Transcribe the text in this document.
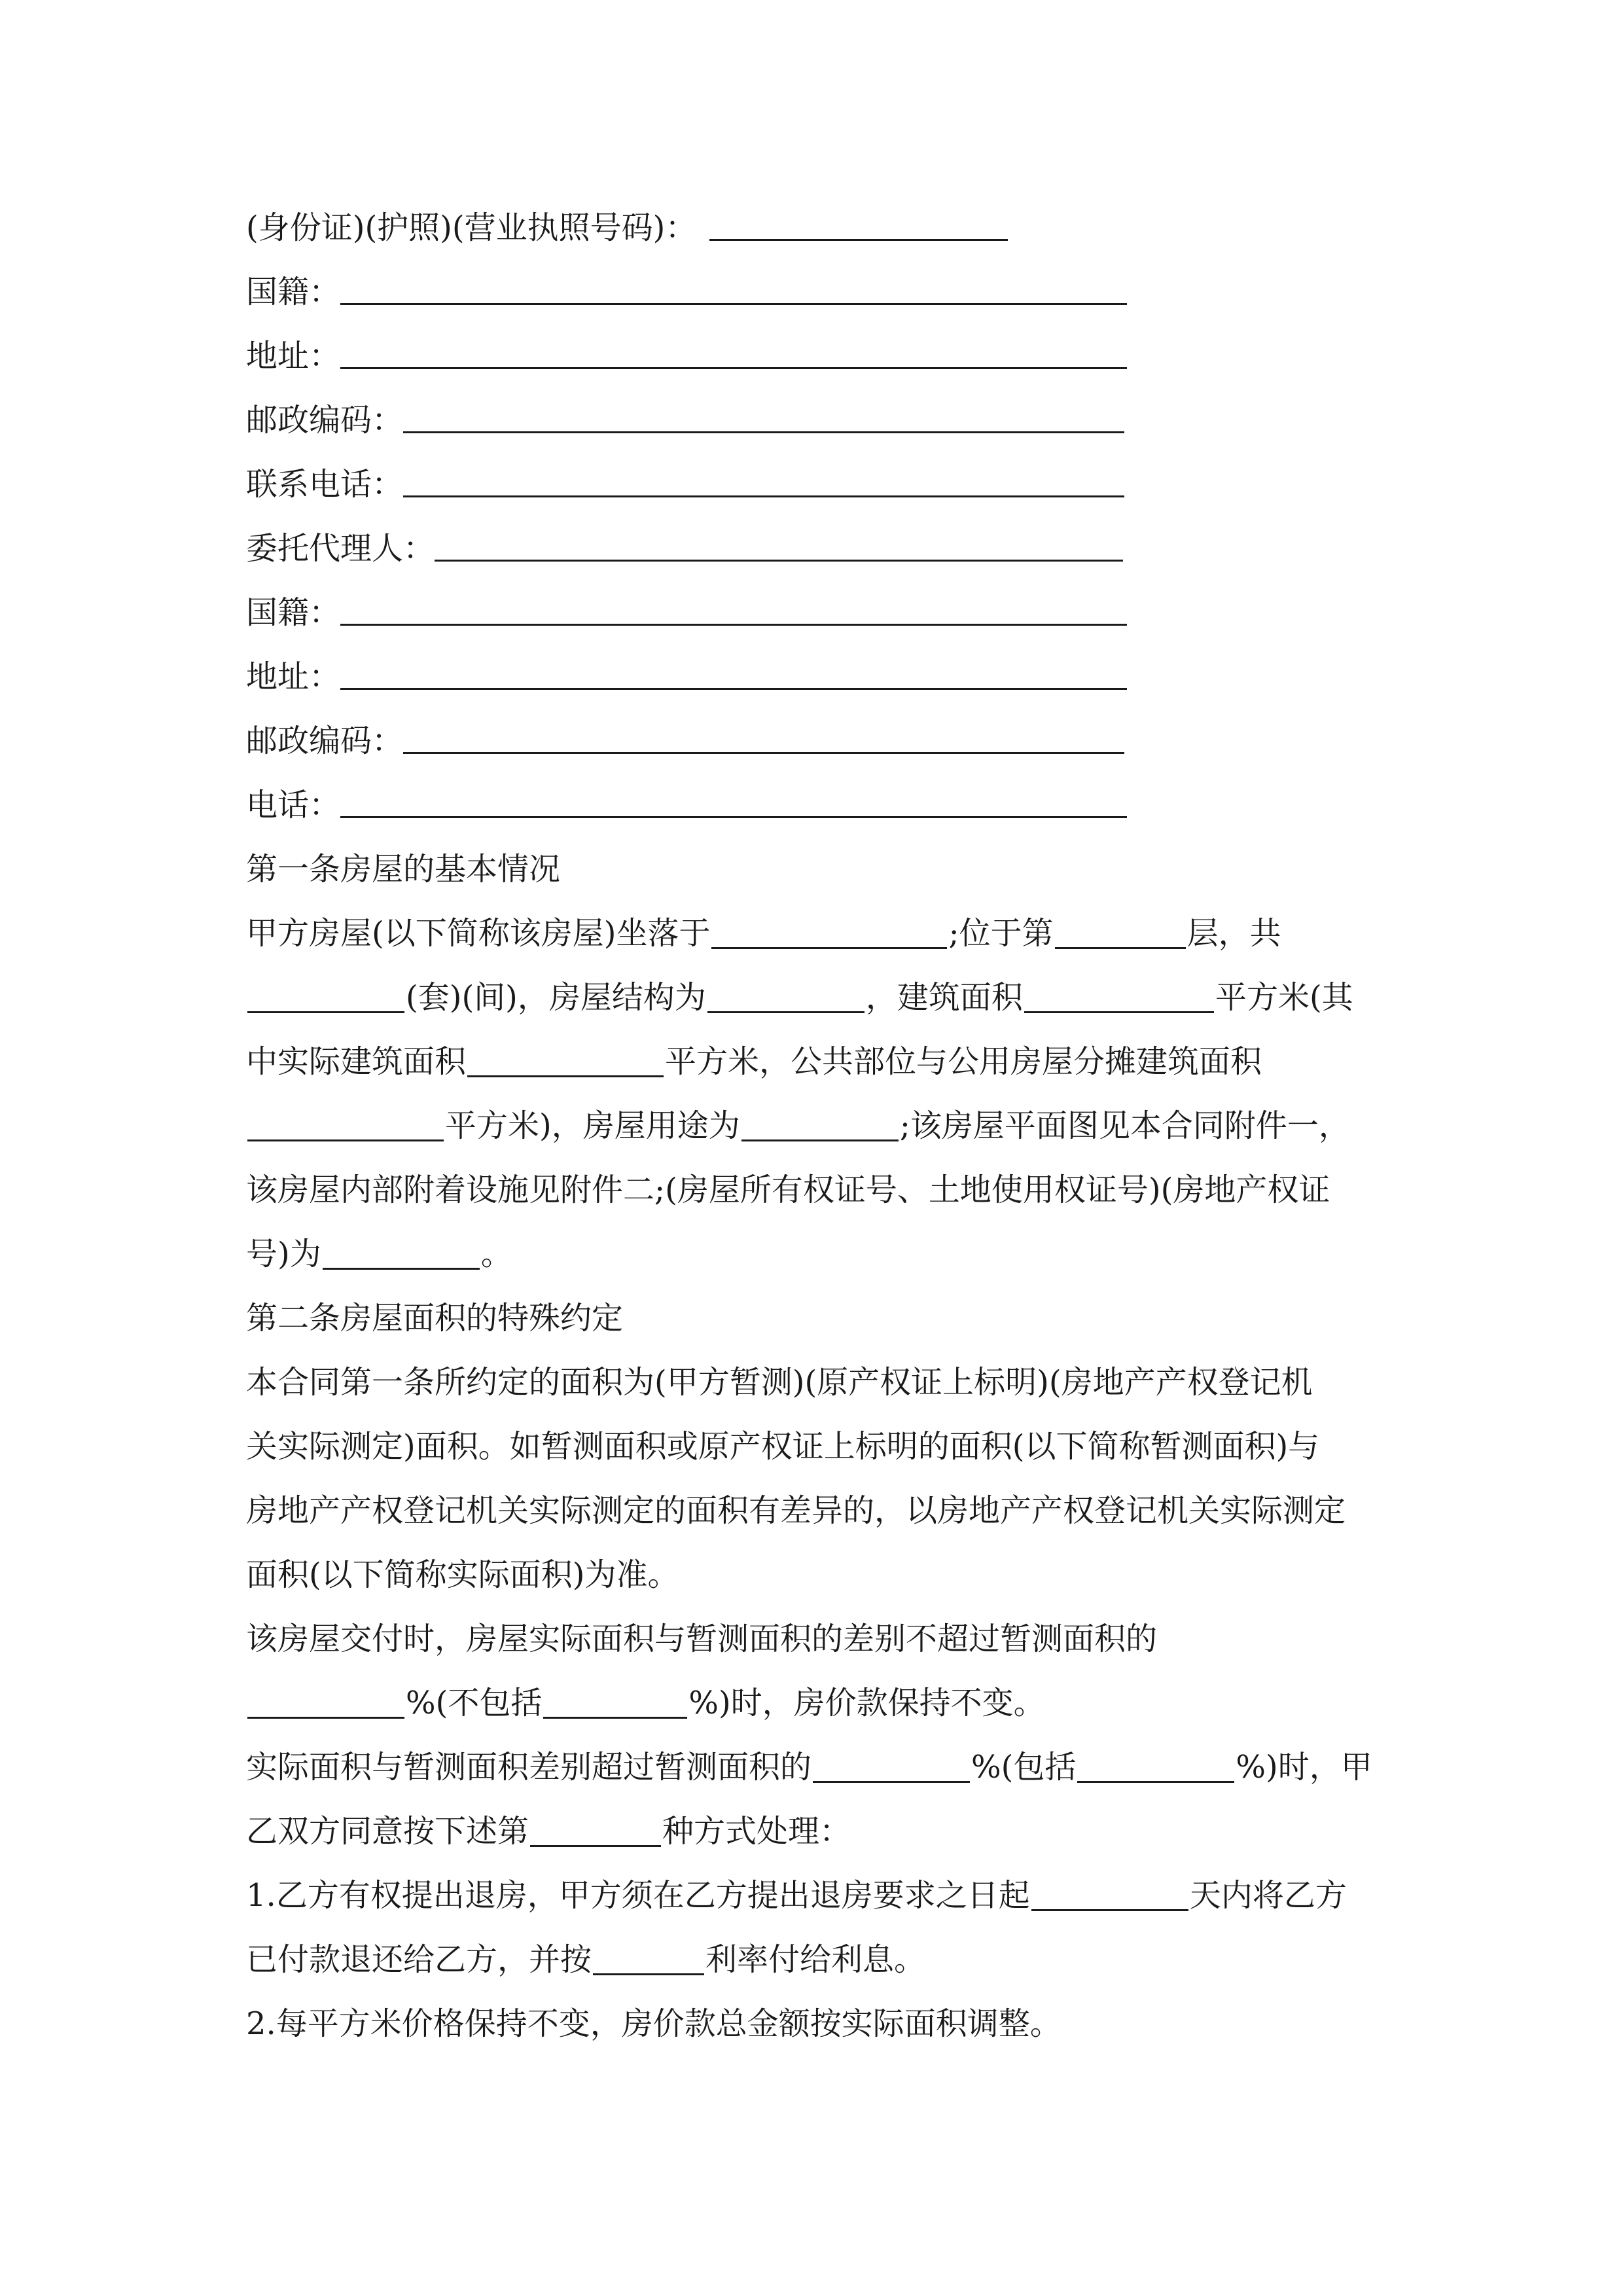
(身份证)(护照)(营业执照号码)：
国籍：
地址：
邮政编码：
联系电话：
委托代理人：
国籍：
地址：
邮政编码：
电话：
第一条房屋的基本情况
甲方房屋(以下简称该房屋)坐落于	;位于第	层，共
(套)(间)，房屋结构为	，建筑面积	平方米(其
中实际建筑面积	平方米，公共部位与公用房屋分摊建筑面积
平方米)，房屋用途为	;该房屋平面图见本合同附件一，
该房屋内部附着设施见附件二;(房屋所有权证号、土地使用权证号)(房地产权证
号)为	。
第二条房屋面积的特殊约定
本合同第一条所约定的面积为(甲方暂测)(原产权证上标明)(房地产产权登记机
关实际测定)面积。如暂测面积或原产权证上标明的面积(以下简称暂测面积)与
房地产产权登记机关实际测定的面积有差异的，以房地产产权登记机关实际测定
面积(以下简称实际面积)为准。
该房屋交付时，房屋实际面积与暂测面积的差别不超过暂测面积的
%(不包括	%)时，房价款保持不变。
实际面积与暂测面积差别超过暂测面积的	%(包括	%)时，甲
乙双方同意按下述第	种方式处理：
1.乙方有权提出退房，甲方须在乙方提出退房要求之日起	天内将乙方
已付款退还给乙方，并按	利率付给利息。
2.每平方米价格保持不变，房价款总金额按实际面积调整。
